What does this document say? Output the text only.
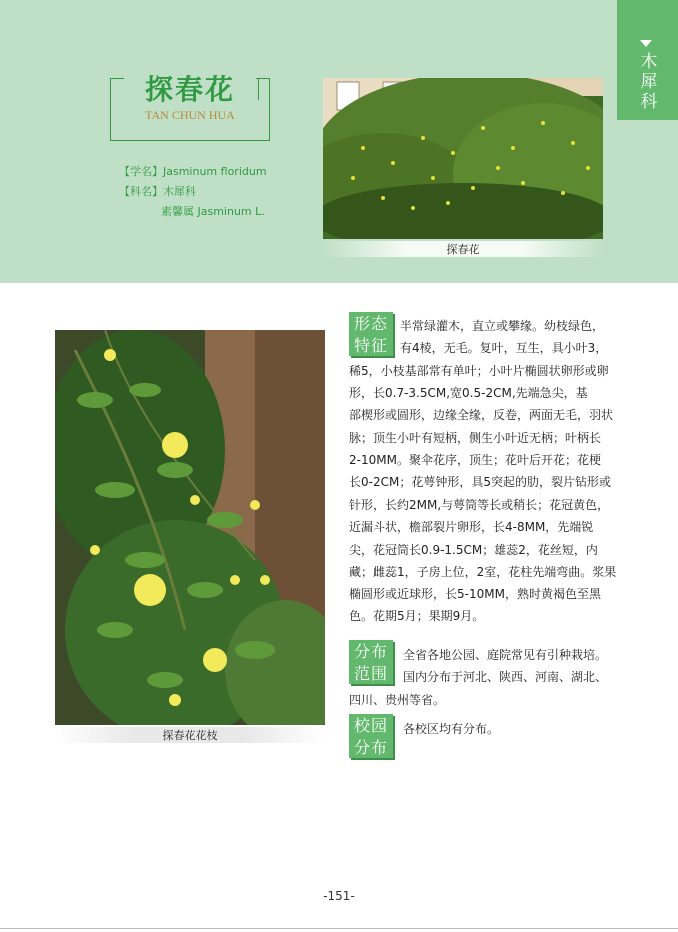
木犀科
探春花
TAN CHUN HUA
【学名】Jasminum floridum
【科名】木犀科
素馨属 Jasminum L.
探春花
探春花花枝
形态
特征
半常绿灌木，直立或攀缘。幼枝绿色，
有4棱，无毛。复叶，互生，具小叶3，
稀5，小枝基部常有单叶；小叶片椭圆状卵形或卵
形，长0.7-3.5CM,宽0.5-2CM,先端急尖，基
部楔形或圆形，边缘全缘，反卷，两面无毛，羽状
脉；顶生小叶有短柄，侧生小叶近无柄；叶柄长
2-10MM。聚伞花序，顶生；花叶后开花；花梗
长0-2CM；花萼钟形，具5突起的肋，裂片钻形或
针形，长约2MM,与萼筒等长或稍长；花冠黄色，
近漏斗状，檐部裂片卵形，长4-8MM，先端锐
尖，花冠筒长0.9-1.5CM；雄蕊2，花丝短，内
藏；雌蕊1，子房上位，2室，花柱先端弯曲。浆果
椭圆形或近球形，长5-10MM，熟时黄褐色至黑
色。花期5月；果期9月。
分布
范围
全省各地公园、庭院常见有引种栽培。
国内分布于河北、陕西、河南、湖北、
四川、贵州等省。
校园
分布
各校区均有分布。
-151-
